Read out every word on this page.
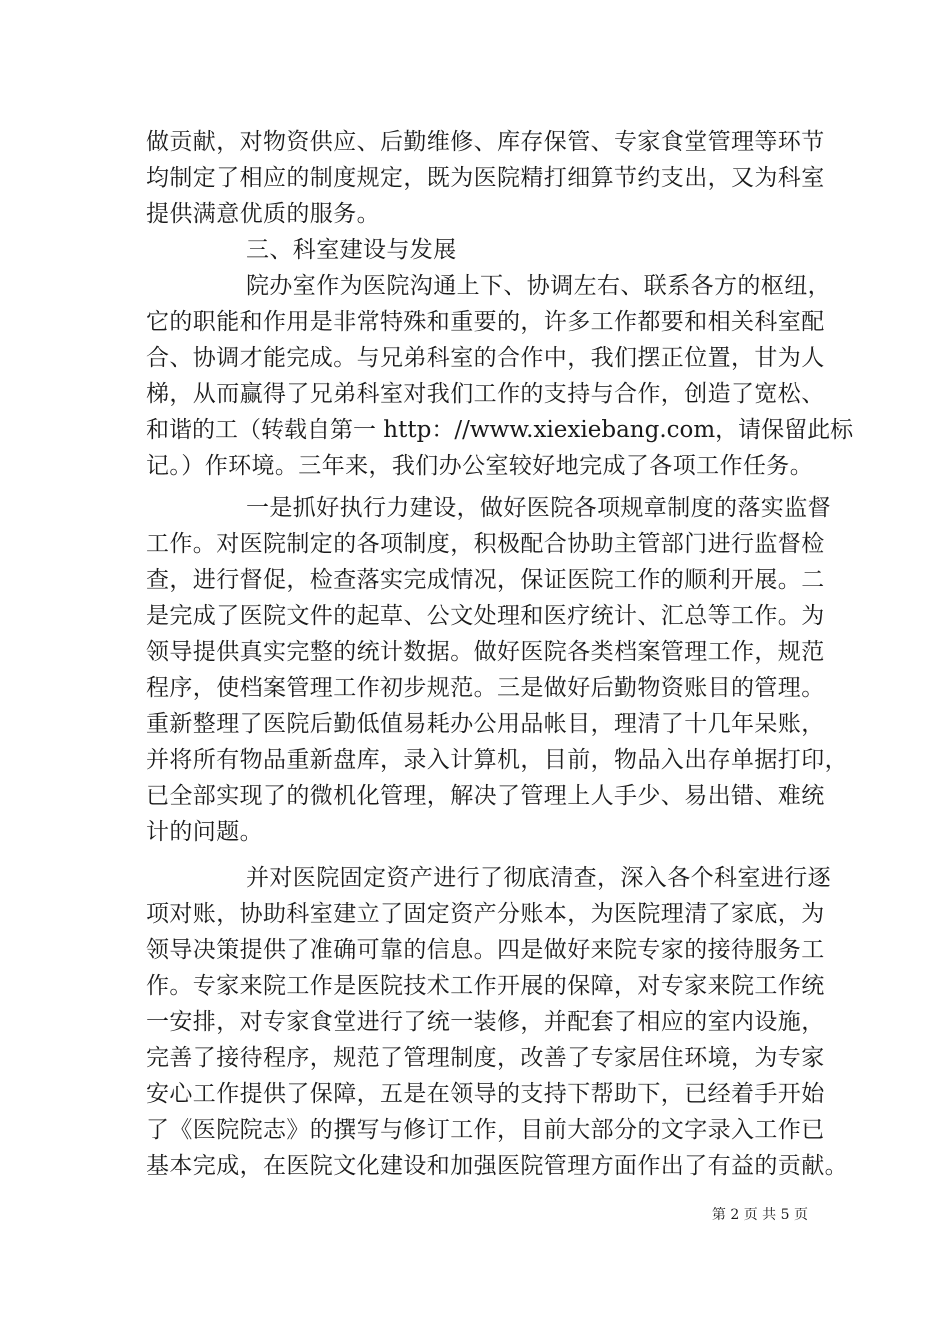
做贡献，对物资供应、后勤维修、库存保管、专家食堂管理等环节
均制定了相应的制度规定，既为医院精打细算节约支出，又为科室
提供满意优质的服务。
三、科室建设与发展
院办室作为医院沟通上下、协调左右、联系各方的枢纽，
它的职能和作用是非常特殊和重要的，许多工作都要和相关科室配
合、协调才能完成。与兄弟科室的合作中，我们摆正位置，甘为人
梯，从而赢得了兄弟科室对我们工作的支持与合作，创造了宽松、
和谐的工（转载自第一 http：//www.xiexiebang.com，请保留此标
记。）作环境。三年来，我们办公室较好地完成了各项工作任务。
一是抓好执行力建设，做好医院各项规章制度的落实监督
工作。对医院制定的各项制度，积极配合协助主管部门进行监督检
查，进行督促，检查落实完成情况，保证医院工作的顺利开展。二
是完成了医院文件的起草、公文处理和医疗统计、汇总等工作。为
领导提供真实完整的统计数据。做好医院各类档案管理工作，规范
程序，使档案管理工作初步规范。三是做好后勤物资账目的管理。
重新整理了医院后勤低值易耗办公用品帐目，理清了十几年呆账，
并将所有物品重新盘库，录入计算机，目前，物品入出存单据打印，
已全部实现了的微机化管理，解决了管理上人手少、易出错、难统
计的问题。
并对医院固定资产进行了彻底清查，深入各个科室进行逐
项对账，协助科室建立了固定资产分账本，为医院理清了家底，为
领导决策提供了准确可靠的信息。四是做好来院专家的接待服务工
作。专家来院工作是医院技术工作开展的保障，对专家来院工作统
一安排，对专家食堂进行了统一装修，并配套了相应的室内设施，
完善了接待程序，规范了管理制度，改善了专家居住环境，为专家
安心工作提供了保障，五是在领导的支持下帮助下，已经着手开始
了《医院院志》的撰写与修订工作，目前大部分的文字录入工作已
基本完成，在医院文化建设和加强医院管理方面作出了有益的贡献。
第 2 页 共 5 页
